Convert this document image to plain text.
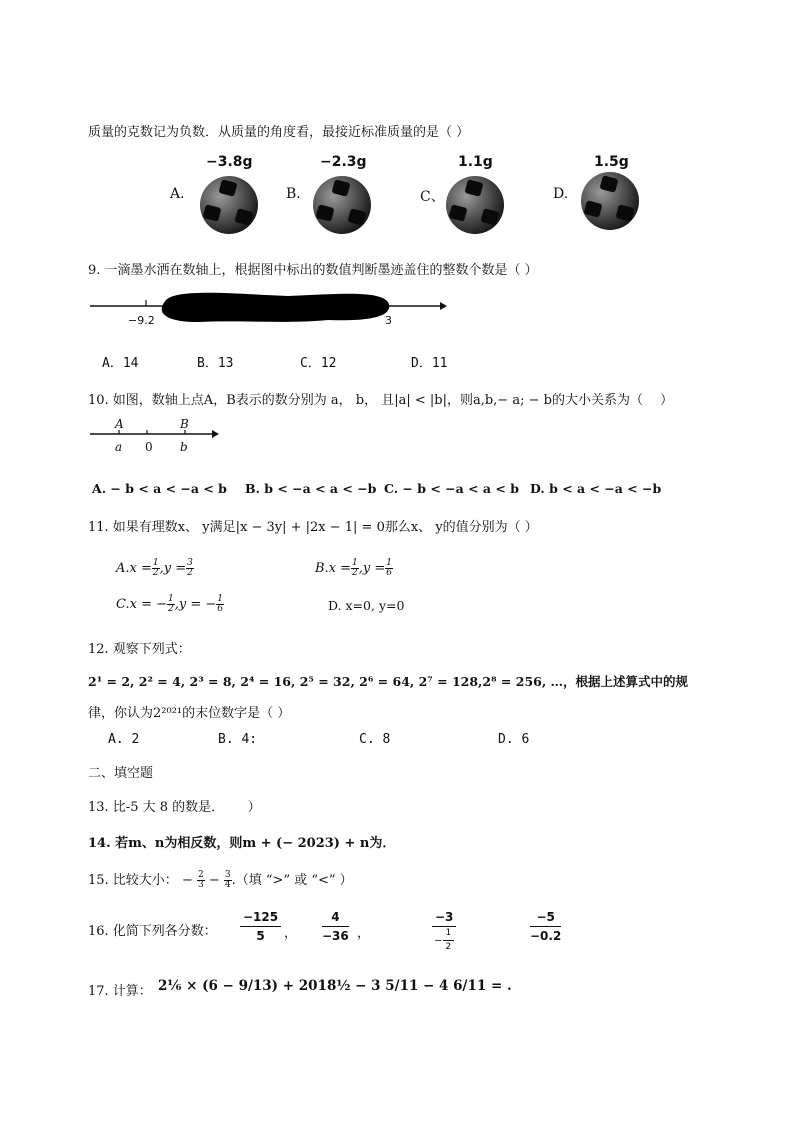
质量的克数记为负数．从质量的角度看，最接近标准质量的是（ ）
−3.8g
A.
−2.3g
B.
1.1g
C、
1.5g
D.
9. 一滴墨水洒在数轴上，根据图中标出的数值判断墨迹盖住的整数个数是（ ）
−9.2	3
A．14	B．13	C．12	D．11
10. 如图，数轴上点A，B表示的数分别为 a， b， 且|a| < |b|，则a,b,− a; − b的大小关系为（　 ）
A	B
a 0 b
A. − b < a < −a < b B. b < −a < a < −b C. − b < −a < a < b D. b < a < −a < −b
11. 如果有理数x、 y满足|x − 3y| + |2x − 1| = 0那么x、 y的值分别为（ ）
$A.x = \frac{1}{2} ,y = \frac{3}{2}$	$B.x = \frac{1}{2} ,y = \frac{1}{6}$
C.x = − $\frac{1}{2} ,y$ = − $\frac{1}{6}$	D. x=0, y=0
12. 观察下列式：
2¹ = 2, 2² = 4, 2³ = 8, 2⁴ = 16, 2⁵ = 32, 2⁶ = 64, 2⁷ = 128,2⁸ = 256, …，根据上述算式中的规
律，你认为2²⁰²¹的末位数字是（ ）
A. 2	B. 4:	C. 8	D. 6
二、填空题
13. 比-5 大 8 的数是．　　 ）
14. 若m、n为相反数，则m + (− 2023) + n为．
15. 比较大小： − $\frac{2}{3} - \frac{3}{4}$ .（填 “>” 或 “<” ）
16. 化简下列各分数：
−125
5	，
4
−36 ，
−3
− $\frac{1}{2}$
−5
−0.2
17. 计算： 2⅙ × (6 − 9/13) + 2018½ − 3 5/11 − 4 6/11 = .
